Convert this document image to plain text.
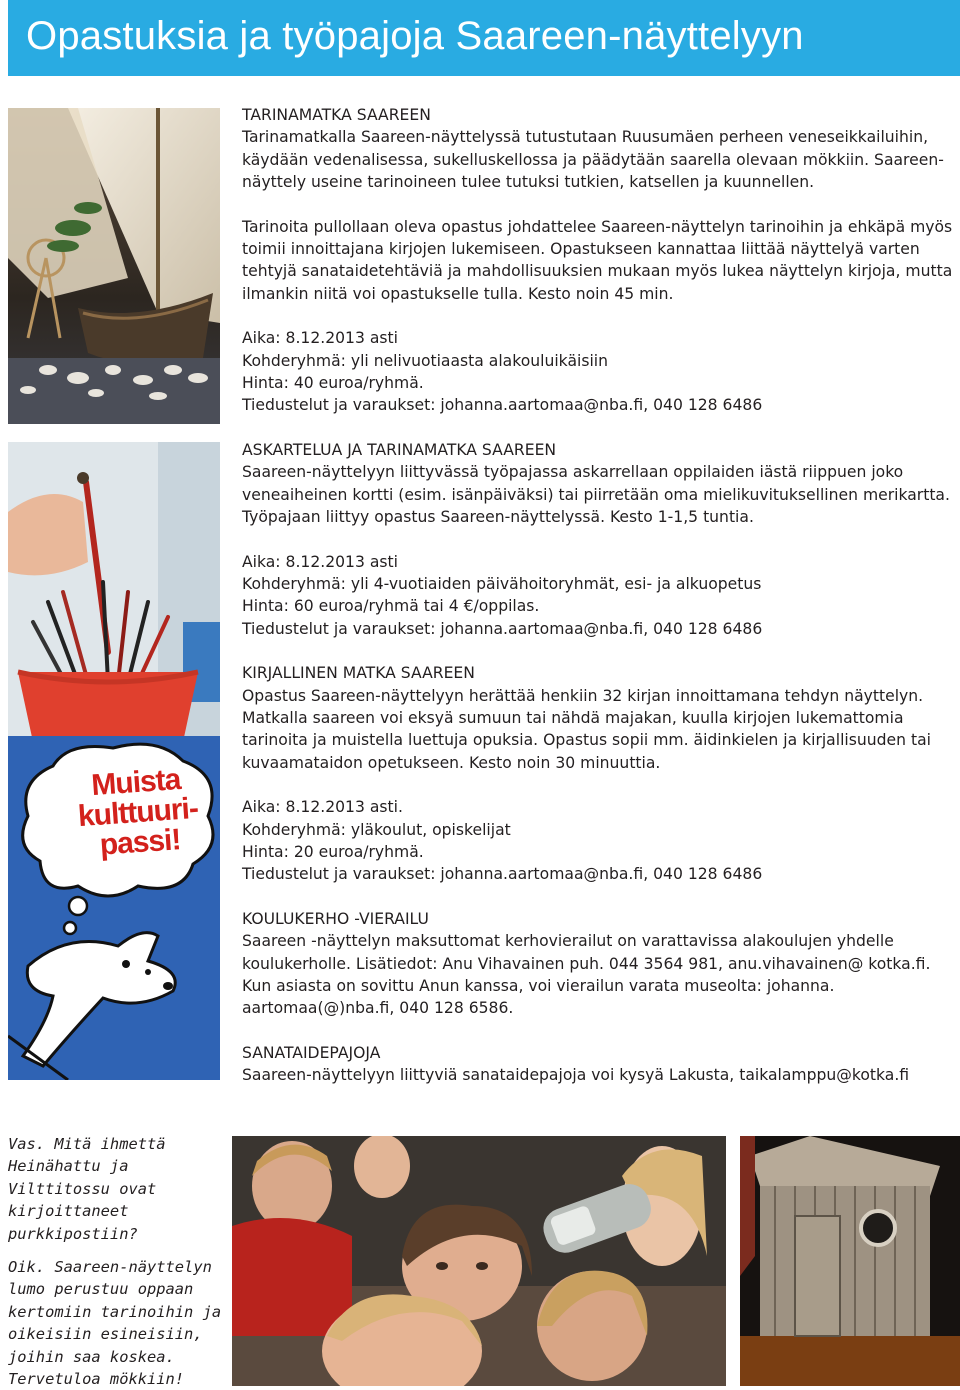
Opastuksia ja työpajoja Saareen-näyttelyyn
Muista
kulttuuri-
passi!

TARINAMATKA SAAREEN

Tarinamatkalla Saareen-näyttelyssä tutustutaan Ruusumäen perheen veneseikkailuihin, käydään vedenalisessa, sukelluskellossa ja päädytään saarella olevaan mökkiin. Saareen-näyttely useine tarinoineen tulee tutuksi tutkien, katsellen ja kuunnellen.

Tarinoita pullollaan oleva opastus johdattelee Saareen-näyttelyn tarinoihin ja ehkäpä myös toimii innoittajana kirjojen lukemiseen. Opastukseen kannattaa liittää näyttelyä varten tehtyjä sanataidetehtäviä ja mahdollisuuksien mukaan myös lukea näyttelyn kirjoja, mutta ilmankin niitä voi opastukselle tulla. Kesto noin 45 min.

Aika: 8.12.2013 asti

Kohderyhmä: yli nelivuotiaasta alakouluikäisiin

Hinta: 40 euroa/ryhmä.

Tiedustelut ja varaukset: johanna.aartomaa@nba.fi, 040 128 6486

ASKARTELUA JA TARINAMATKA SAAREEN

Saareen-näyttelyyn liittyvässä työpajassa askarrellaan oppilaiden iästä riippuen joko veneaiheinen kortti (esim. isänpäiväksi) tai piirretään oma mielikuvituksellinen merikartta. Työpajaan liittyy opastus Saareen-näyttelyssä. Kesto 1-1,5 tuntia.

Aika: 8.12.2013 asti

Kohderyhmä: yli 4-vuotiaiden päivähoitoryhmät, esi- ja alkuopetus

Hinta: 60 euroa/ryhmä tai 4 €/oppilas.

Tiedustelut ja varaukset: johanna.aartomaa@nba.fi, 040 128 6486

KIRJALLINEN MATKA SAAREEN

Opastus Saareen-näyttelyyn herättää henkiin 32 kirjan innoittamana tehdyn näyttelyn. Matkalla saareen voi eksyä sumuun tai nähdä majakan, kuulla kirjojen lukemattomia tarinoita ja muistella luettuja opuksia. Opastus sopii mm. äidinkielen ja kirjallisuuden tai kuvaamataidon opetukseen. Kesto noin 30 minuuttia.

Aika: 8.12.2013 asti.

Kohderyhmä: yläkoulut, opiskelijat

Hinta: 20 euroa/ryhmä.

Tiedustelut ja varaukset: johanna.aartomaa@nba.fi, 040 128 6486

KOULUKERHO -VIERAILU

Saareen -näyttelyn maksuttomat kerhovierailut on varattavissa alakoulujen yhdelle koulukerholle. Lisätiedot: Anu Vihavainen puh. 044 3564 981, anu.vihavainen@ kotka.fi. Kun asiasta on sovittu Anun kanssa, voi vierailun varata museolta: johanna. aartomaa(@)nba.fi, 040 128 6586.

SANATAIDEPAJOJA

Saareen-näyttelyyn liittyviä sanataidepajoja voi kysyä Lakusta, taikalamppu@kotka.fi

Vas. Mitä ihmettä Heinähattu ja Vilttitossu ovat kirjoittaneet purkkipostiin?

Oik. Saareen-näyttelyn lumo perustuu oppaan kertomiin tarinoihin ja oikeisiin esineisiin, joihin saa koskea. Tervetuloa mökkiin!
